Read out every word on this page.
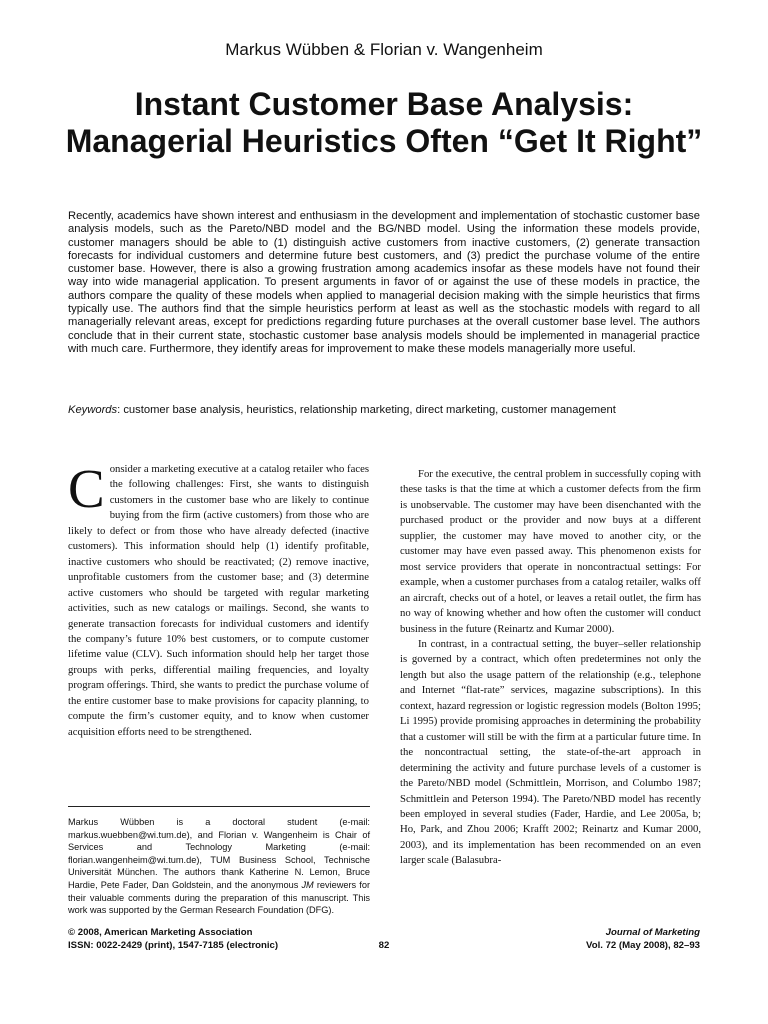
Markus Wübben & Florian v. Wangenheim
Instant Customer Base Analysis: Managerial Heuristics Often “Get It Right”

Recently, academics have shown interest and enthusiasm in the development and implementation of stochastic customer base analysis models, such as the Pareto/NBD model and the BG/NBD model. Using the information these models provide, customer managers should be able to (1) distinguish active customers from inactive customers, (2) generate transaction forecasts for individual customers and determine future best customers, and (3) predict the purchase volume of the entire customer base. However, there is also a growing frustration among academics insofar as these models have not found their way into wide managerial application. To present arguments in favor of or against the use of these models in practice, the authors compare the quality of these models when applied to managerial decision making with the simple heuristics that firms typically use. The authors find that the simple heuristics perform at least as well as the stochastic models with regard to all managerially relevant areas, except for predictions regarding future purchases at the overall customer base level. The authors conclude that in their current state, stochastic customer base analysis models should be implemented in managerial practice with much care. Furthermore, they identify areas for improvement to make these models managerially more useful.

Keywords: customer base analysis, heuristics, relationship marketing, direct marketing, customer management

Consider a marketing executive at a catalog retailer who faces the following challenges: First, she wants to distinguish customers in the customer base who are likely to continue buying from the firm (active customers) from those who are likely to defect or from those who have already defected (inactive customers). This information should help (1) identify profitable, inactive customers who should be reactivated; (2) remove inactive, unprofitable customers from the customer base; and (3) determine active customers who should be targeted with regular marketing activities, such as new catalogs or mailings. Second, she wants to generate transaction forecasts for individual customers and identify the company’s future 10% best customers, or to compute customer lifetime value (CLV). Such information should help her target those groups with perks, differential mailing frequencies, and loyalty program offerings. Third, she wants to predict the purchase volume of the entire customer base to make provisions for capacity planning, to compute the firm’s customer equity, and to know when customer acquisition efforts need to be strengthened.

For the executive, the central problem in successfully coping with these tasks is that the time at which a customer defects from the firm is unobservable. The customer may have been disenchanted with the purchased product or the provider and now buys at a different supplier, the customer may have moved to another city, or the customer may have even passed away. This phenomenon exists for most service providers that operate in noncontractual settings: For example, when a customer purchases from a catalog retailer, walks off an aircraft, checks out of a hotel, or leaves a retail outlet, the firm has no way of knowing whether and how often the customer will conduct business in the future (Reinartz and Kumar 2000).

In contrast, in a contractual setting, the buyer–seller relationship is governed by a contract, which often predetermines not only the length but also the usage pattern of the relationship (e.g., telephone and Internet “flat-rate” services, magazine subscriptions). In this context, hazard regression or logistic regression models (Bolton 1995; Li 1995) provide promising approaches in determining the probability that a customer will still be with the firm at a particular future time. In the noncontractual setting, the state-of-the-art approach in determining the activity and future purchase levels of a customer is the Pareto/NBD model (Schmittlein, Morrison, and Columbo 1987; Schmittlein and Peterson 1994). The Pareto/NBD model has recently been employed in several studies (Fader, Hardie, and Lee 2005a, b; Ho, Park, and Zhou 2006; Krafft 2002; Reinartz and Kumar 2000, 2003), and its implementation has been recommended on an even larger scale (Balasubra-

Markus Wübben is a doctoral student (e-mail: markus.wuebben@wi.tum.de), and Florian v. Wangenheim is Chair of Services and Technology Marketing (e-mail: florian.wangenheim@wi.tum.de), TUM Business School, Technische Universität München. The authors thank Katherine N. Lemon, Bruce Hardie, Pete Fader, Dan Goldstein, and the anonymous JM reviewers for their valuable comments during the preparation of this manuscript. This work was supported by the German Research Foundation (DFG).

© 2008, American Marketing Association
ISSN: 0022-2429 (print), 1547-7185 (electronic)	82
Journal of Marketing
Vol. 72 (May 2008), 82–93
